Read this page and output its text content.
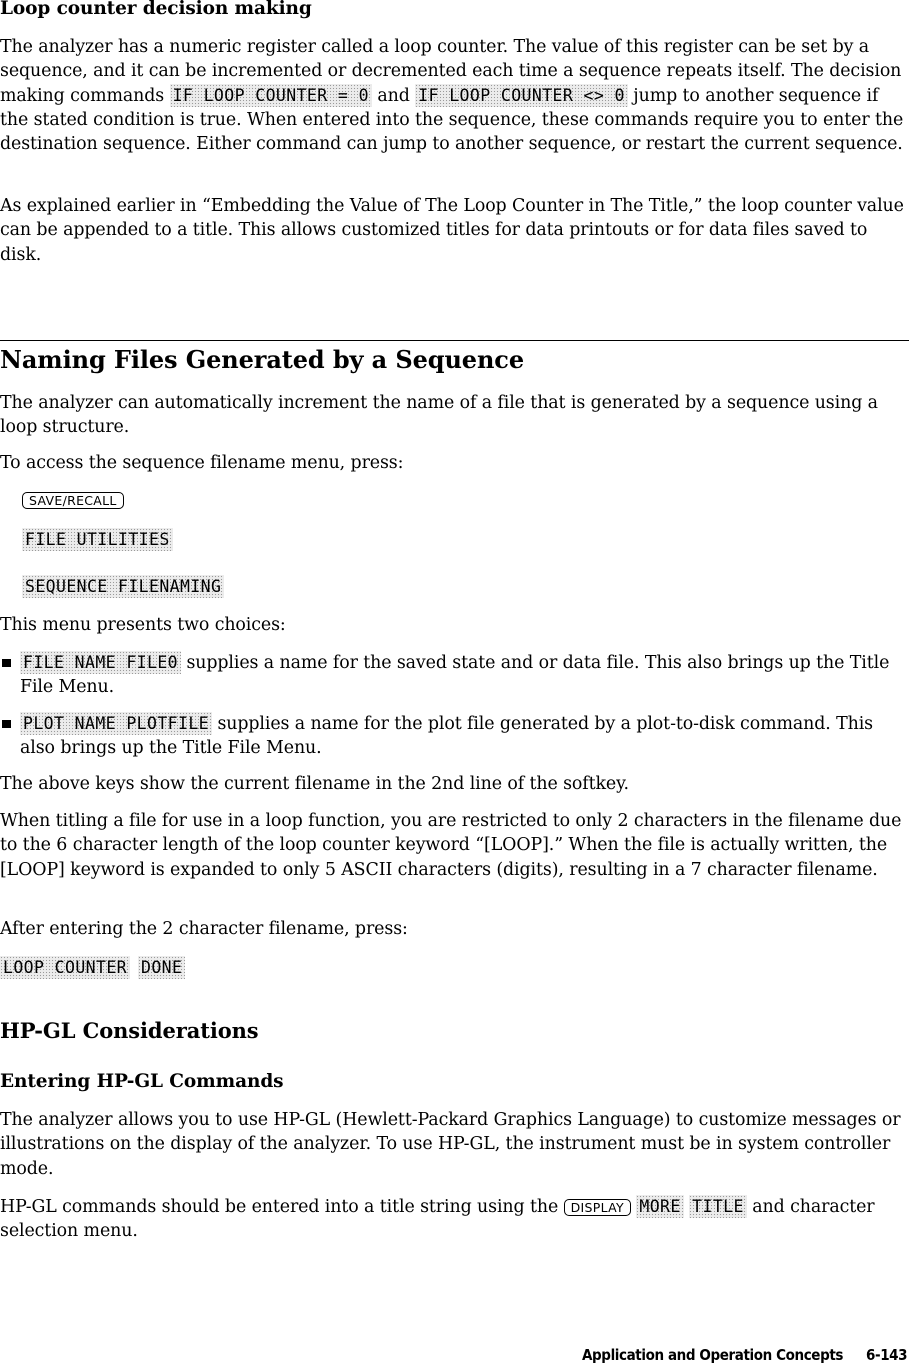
Loop counter decision making
The analyzer has a numeric register called a loop counter. The value of this register can be set by a sequence, and it can be incremented or decremented each time a sequence repeats itself. The decision making commands IF LOOP COUNTER = 0 and IF LOOP COUNTER <> 0 jump to another sequence if the stated condition is true. When entered into the sequence, these commands require you to enter the destination sequence. Either command can jump to another sequence, or restart the current sequence.
As explained earlier in “Embedding the Value of The Loop Counter in The Title,” the loop counter value can be appended to a title. This allows customized titles for data printouts or for data files saved to disk.
Naming Files Generated by a Sequence
The analyzer can automatically increment the name of a file that is generated by a sequence using a loop structure.
To access the sequence filename menu, press:
SAVE/RECALL
FILE UTILITIES
SEQUENCE FILENAMING
This menu presents two choices:
FILE NAME FILE0 supplies a name for the saved state and or data file. This also brings up the Title File Menu.
PLOT NAME PLOTFILE supplies a name for the plot file generated by a plot-to-disk command. This also brings up the Title File Menu.
The above keys show the current filename in the 2nd line of the softkey.
When titling a file for use in a loop function, you are restricted to only 2 characters in the filename due to the 6 character length of the loop counter keyword “[LOOP].” When the file is actually written, the [LOOP] keyword is expanded to only 5 ASCII characters (digits), resulting in a 7 character filename.
After entering the 2 character filename, press:
LOOP COUNTER  DONE
HP-GL Considerations
Entering HP-GL Commands
The analyzer allows you to use HP-GL (Hewlett-Packard Graphics Language) to customize messages or illustrations on the display of the analyzer. To use HP-GL, the instrument must be in system controller mode.
HP-GL commands should be entered into a title string using the DISPLAY MORE TITLE and character selection menu.
Application and Operation Concepts 6-143
